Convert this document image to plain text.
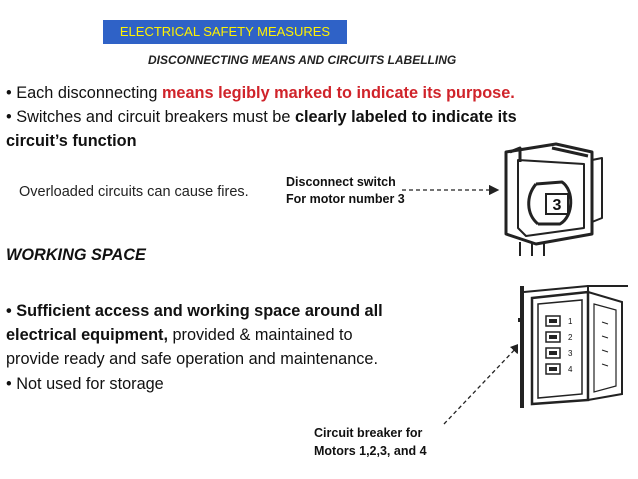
ELECTRICAL SAFETY MEASURES
DISCONNECTING MEANS AND CIRCUITS LABELLING
• Each disconnecting means legibly marked to indicate its purpose.
• Switches and circuit breakers must be clearly labeled to indicate its
circuit’s function
Overloaded circuits can cause fires.
Disconnect switch
For motor number 3	3
WORKING SPACE
• Sufficient access and working space around all
electrical equipment, provided & maintained to
provide ready and safe operation and maintenance.
• Not used for storage
1
2
3
4
Circuit breaker for
Motors 1,2,3, and 4
